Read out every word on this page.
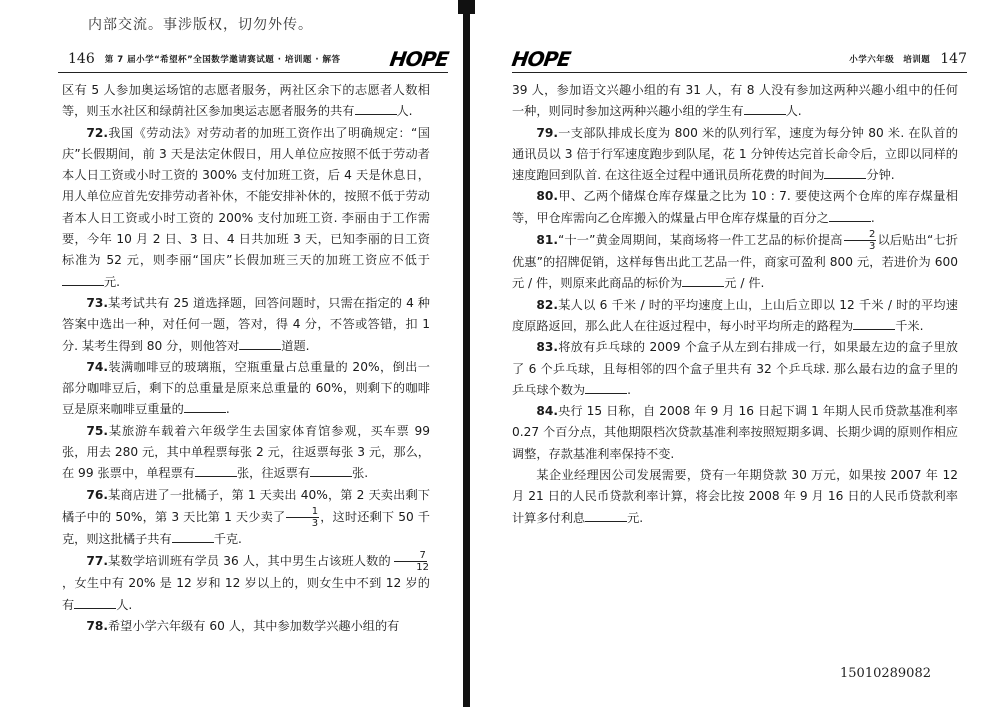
内部交流。事涉版权，切勿外传。
146 第 7 届小学“希望杯”全国数学邀请赛试题 · 培训题 · 解答 HOPE

区有 5 人参加奥运场馆的志愿者服务，两社区余下的志愿者人数相等，则玉水社区和绿荫社区参加奥运志愿者服务的共有	人.

72.我国《劳动法》对劳动者的加班工资作出了明确规定：“国庆”长假期间，前 3 天是法定休假日，用人单位应按照不低于劳动者本人日工资或小时工资的 300% 支付加班工资，后 4 天是休息日，用人单位应首先安排劳动者补休，不能安排补休的，按照不低于劳动者本人日工资或小时工资的 200% 支付加班工资. 李丽由于工作需要，今年 10 月 2 日、3 日、4 日共加班 3 天，已知李丽的日工资标准为 52 元，则李丽“国庆”长假加班三天的加班工资应不低于元.

73.某考试共有 25 道选择题，回答问题时，只需在指定的 4 种答案中选出一种，对任何一题，答对，得 4 分，不答或答错，扣 1 分. 某考生得到 80 分，则他答对	道题.

74.装满咖啡豆的玻璃瓶，空瓶重量占总重量的 20%，倒出一部分咖啡豆后，剩下的总重量是原来总重量的 60%，则剩下的咖啡豆是原来咖啡豆重量的	.

75.某旅游车载着六年级学生去国家体育馆参观，买车票 99 张，用去 280 元，其中单程票每张 2 元，往返票每张 3 元，那么，在 99 张票中，单程票有	张，往返票有	张.

76.某商店进了一批橘子，第 1 天卖出 40%，第 2 天卖出剩下橘子中的 50%，第 3 天比第 1 天少卖了 $\frac{1}{3}$ ，这时还剩下 50 千克，则这批橘子共有	千克.

77.某数学培训班有学员 36 人，其中男生占该班人数的 $\frac{7}{12}$
，女生中有 20% 是 12 岁和 12 岁以上的，则女生中不到 12 岁的有	人.

78.希望小学六年级有 60 人，其中参加数学兴趣小组的有

HOPE	小学六年级　培训题 147

39 人，参加语文兴趣小组的有 31 人，有 8 人没有参加这两种兴趣小组中的任何一种，则同时参加这两种兴趣小组的学生有	人.

79.一支部队排成长度为 800 米的队列行军，速度为每分钟 80 米. 在队首的通讯员以 3 倍于行军速度跑步到队尾，花 1 分钟传达完首长命令后，立即以同样的速度跑回到队首. 在这往返全过程中通讯员所花费的时间为	分钟.

80.甲、乙两个储煤仓库存煤量之比为 10 : 7. 要使这两个仓库的库存煤量相等，甲仓库需向乙仓库搬入的煤量占甲仓库存煤量的百分之	.

81.“十一”黄金周期间，某商场将一件工艺品的标价提高 $\frac{2}{3}$ 以后贴出“七折优惠”的招牌促销，这样每售出此工艺品一件，商家可盈利 800 元，若进价为 600 元 / 件，则原来此商品的标价为	元 / 件.

82.某人以 6 千米 / 时的平均速度上山，上山后立即以 12 千米 / 时的平均速度原路返回，那么此人在往返过程中，每小时平均所走的路程为	千米.

83.将放有乒乓球的 2009 个盒子从左到右排成一行，如果最左边的盒子里放了 6 个乒乓球，且每相邻的四个盒子里共有 32 个乒乓球. 那么最右边的盒子里的乒乓球个数为	.

84.央行 15 日称，自 2008 年 9 月 16 日起下调 1 年期人民币贷款基准利率 0.27 个百分点，其他期限档次贷款基准利率按照短期多调、长期少调的原则作相应调整，存款基准利率保持不变.

某企业经理因公司发展需要，贷有一年期贷款 30 万元，如果按 2007 年 12 月 21 日的人民币贷款利率计算，将会比按 2008 年 9 月 16 日的人民币贷款利率计算多付利息	元.

15010289082
